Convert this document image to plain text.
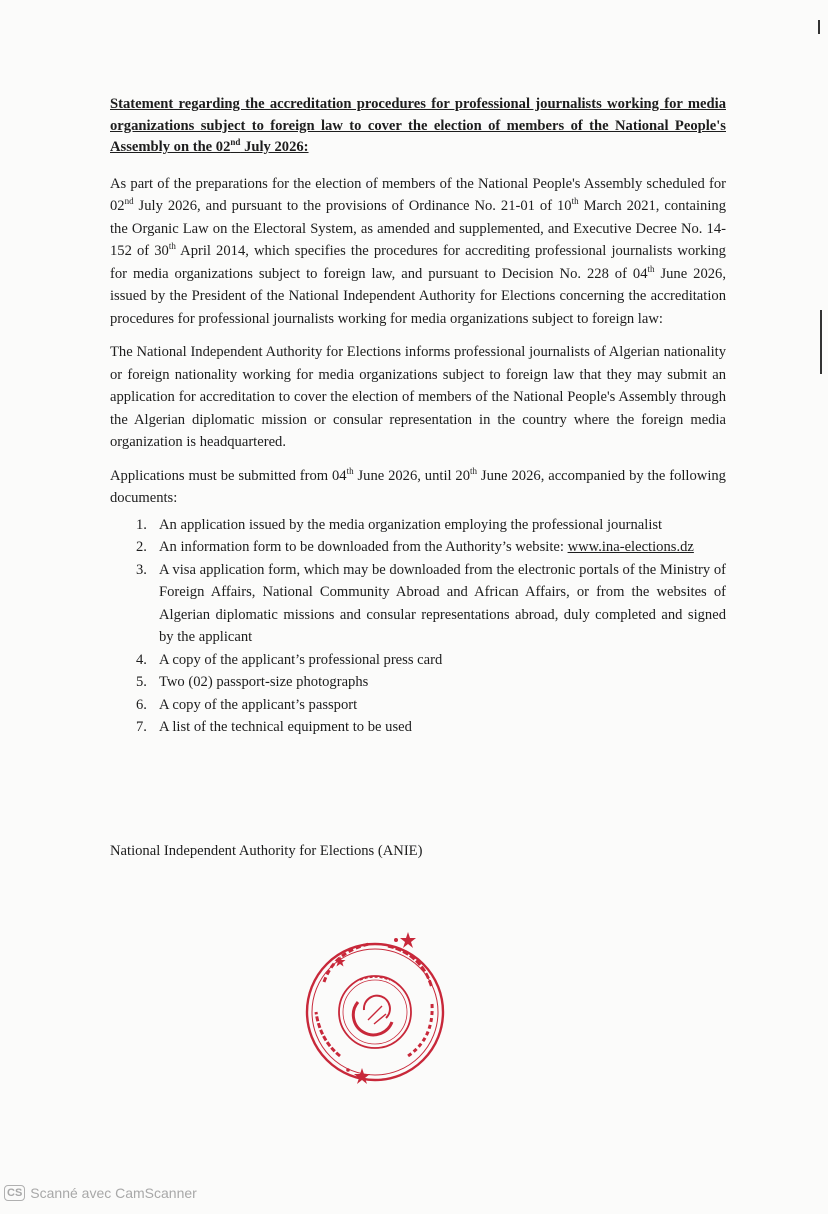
Statement regarding the accreditation procedures for professional journalists working for media organizations subject to foreign law to cover the election of members of the National People's Assembly on the 02nd July 2026:

As part of the preparations for the election of members of the National People's Assembly scheduled for 02nd July 2026, and pursuant to the provisions of Ordinance No. 21-01 of 10th March 2021, containing the Organic Law on the Electoral System, as amended and supplemented, and Executive Decree No. 14-152 of 30th April 2014, which specifies the procedures for accrediting professional journalists working for media organizations subject to foreign law, and pursuant to Decision No. 228 of 04th June 2026, issued by the President of the National Independent Authority for Elections concerning the accreditation procedures for professional journalists working for media organizations subject to foreign law:

The National Independent Authority for Elections informs professional journalists of Algerian nationality or foreign nationality working for media organizations subject to foreign law that they may submit an application for accreditation to cover the election of members of the National People's Assembly through the Algerian diplomatic mission or consular representation in the country where the foreign media organization is headquartered.

Applications must be submitted from 04th June 2026, until 20th June 2026, accompanied by the following documents:

1. An application issued by the media organization employing the professional journalist
2. An information form to be downloaded from the Authority’s website: www.ina-elections.dz
3. A visa application form, which may be downloaded from the electronic portals of the Ministry of Foreign Affairs, National Community Abroad and African Affairs, or from the websites of Algerian diplomatic missions and consular representations abroad, duly completed and signed by the applicant
4. A copy of the applicant’s professional press card
5. Two (02) passport-size photographs
6. A copy of the applicant’s passport
7. A list of the technical equipment to be used
National Independent Authority for Elections (ANIE)
CS Scanné avec CamScanner
